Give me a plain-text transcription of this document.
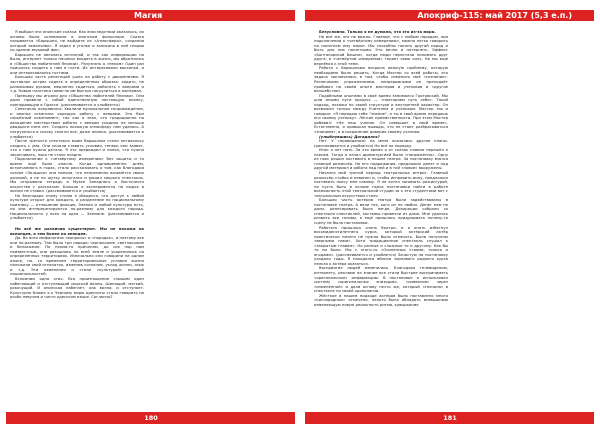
Магия	Апокриф-115: май 2017 (5,3 е.п.)

Я выбрал эти японские сказки. Как впоследствии оказалось, их основы были основными в японском фольклоре. Сказка называется «Барышня, не выйдите из «Атмосферы», создания которой заманчиво». Я задал в уголке и записано в ней теории со-здание звуковой фон.

Барышня не являлась истинной, и так как информации на было, интернет только начинал входить в жизнь, мы обратились в «Общество любителей Японии». Разузнать о «неком» Один раз пришлось сходить к ним в гости. Их интересовали вакханки, и они интересовались гостями.

Большая часть репетиций ушла на работу с движениями. Я заставлял актрис сидеть в определённых образах: ходить, не размахивая руками, медленно садиться, работать с веерами и т.д. Новые пластика помогла им быстро погрузиться в материал.

Премьеру мы играли для «Общества любителей Японии». Они дали привели с собой единственную настоящую японку, преподающую в Одессе. (рассмеивается и улыбается)

Спектакль понравился. Хвалили музыкальное сопровождение, и японка отметила хорошую работу с веерами. Это был серьёзный комплимент, так как я знал, что традиционно на овладение мастерством работы с веером уходило не меньше двадцати пяти лет. Создать похожую атмосферу нам удалось. А погрузиться в сказку смогли все, даже японка. (рассмеивается и улыбается)

После третьего спектакля моим барышням стали потихоньку сходить с ума. Они начали ставить условия, теперь они заявят, что к ним нужно деталь. Я это предвидел и понял, что нужно заканчивать, пока не стало поздно.

Подключение к «четвёртому измерению» без защиты и то время ещё было опасно. Когда одновременно днём, встречаемого в горах, стало рассказывать о том, как благодаря сказке «Зольшка» она поняла, что непременно возьмётся своих дочерей, а не на шутку испугался и решил закрыть спектакль. Мы открывали тетрадь в Музее Западного и Восточного искусства с рассказом. Больше я эксперименты на людях в жизни не ставил. (рассмеивается и улыбается)

Но благодаря этому стилю я убедился, что доступ к любой культуре открыт для каждого, и разделение по национальному признаку — отношение фикция. Знания и любой культуры есть, но они интерпретируются по-разному для каждого народа. Национальность у всех на одна — Земляне. (рассмеивается и улыбается)

Но всё же различия существуют. Мы не похожи на испанцев, а тем более на японцев.

Да. Во всех мифологиях «вопросы» и «порядок», и поэтому все они по-разному. Там было три народа: чернокожие, светлокожие и белокожие. По неким-то причинам, до сих пор нам неизвестным, они разошлись по всей земле и укоренились на определённых территориях. Изначально они говорили на одном языке, но, со временем территориальные условия жизни наложили свой отпечаток, изменив сознание, уклад жизни, язык и т.д. Эти изменения и стали «культурой» основой национальностей.

Вспомним одно этих. Вся произношение слышим один набегающий и отступающий морской волны. Шипящий, мягкий, рокочущий. И японская набегает, как волна, и отступает. Культурно ближе я к Черному морю одесситы стали говорить на особо певучем и чисто одесском языке. Согласны?

Безусловно. Только я не думала, что это из-за моря.

Но всё же, это не важно. Главное, что с любым народом, при подключении к «четвёртому измерению», можно легко говорить на понятном ему языке. Мы способны понять другой народ и быть для них понятными. Это вечно и потерпеть. Эффект «Бангалорской башни», когда люди перестали понимать друг друга, в «четвёртом измерении» теряет свою силу. Но мы ещё вернёмся к этой теме.

Работа с барышнями вскрыла важную проблему, которую необходимо было решить. Когда Мастер со всей работы, его задача заключалась в том, чтобы изменить моё «сознание». Различными упражнениями, непрерывными он преподаёт пробовал на своём опыте мастеров и учеников и «другое волшебство».

Подобными опытами в своё время занимался Гротовский. Мы шли иными пути процесс — «повторяем путь себе». Такой подход, похожи по своей структуре и внутренней характер. Он возможен только между Учителем и учеником. Мастер так и говорил: «Я передаю тебе "знание", а ты в свой время передашь его своему ученику». Лёгкие преемственности. При этом Мастер добавил: «Не наш ученик. Он совершит в свой время». Естественно, я привыкал выводы, что не стоит разбрасываться «знанием», а в сохранение доверия своему ученика.

(улыбнувшись) Догадался?

Нет. У «провидения» на меня оказались другие планы. (рассмеивается и улыбается) Но всё по порядку.

Итак я лет пять. За это время я от сказок плавно перешёл к пьесам. Тогда я начал драматургией было «напряжённо». Одну из пьес решил поставить в нашем театре. За постановку взялся главный режиссёр. Но его подражания, предложил денег и под другой материал и работа над ней и в той «новое» вооружены.

Начался мой третий период театральных интриг. Главный режиссёр стойко и невинен и, чтобы исправить вину, предложил поставить пьесу мне самому. Я не хотел занимать режиссурой, но пусть быть в основе пьеса постановки найти в работе возможность этой театральной студии за к его студентами вот с театральным искусством стало.

Большая часть актёров театра были задействованы в постановке театра. А вяли тех, кого он не любил. Денег нам не дали, репетировать было негде. Декорации собрали со спектакля спектаклей, костюмы привезли из дома. Мне удалось развить все головы, а ещё пришлось придумывать почему-то сцену не было постановки.

Работать пришлось очень быстро, и я опять избегнул восьмидесятилетнего курса, который актёрский актёр практически ничего не нужно было отмечать. Были получены «верными нами». Хотя традиционное спектакль слушал к «закрытым главам». Но разные и сложные то и другому. Как бы то ни было. Мы с этого-то «Осиненных стаями, только и ягодами». (рассмеивается и улыбается) Зачастую на постановку уходили годы. Я находился вблизи чернового родного курса нельзя к актёра оказаться.

Восприятие людей изменилось. Благодаря телевидению, интернету, рекламе на знание все стали быстрее воспринимать «оригинальные» информацию. В постановке я использовал систему «оригинальных эпизодов», «символов» через «изменённой» и дали основу нечто же, который «сначала» в спектакле по своей хронологии.

Жёсткое в нашем подходе актёров было поставлено много «кислородных» отмечено, нельзя было обладать всевышнюю изменяющую новую реальность ритма, кувыркание

180	181
